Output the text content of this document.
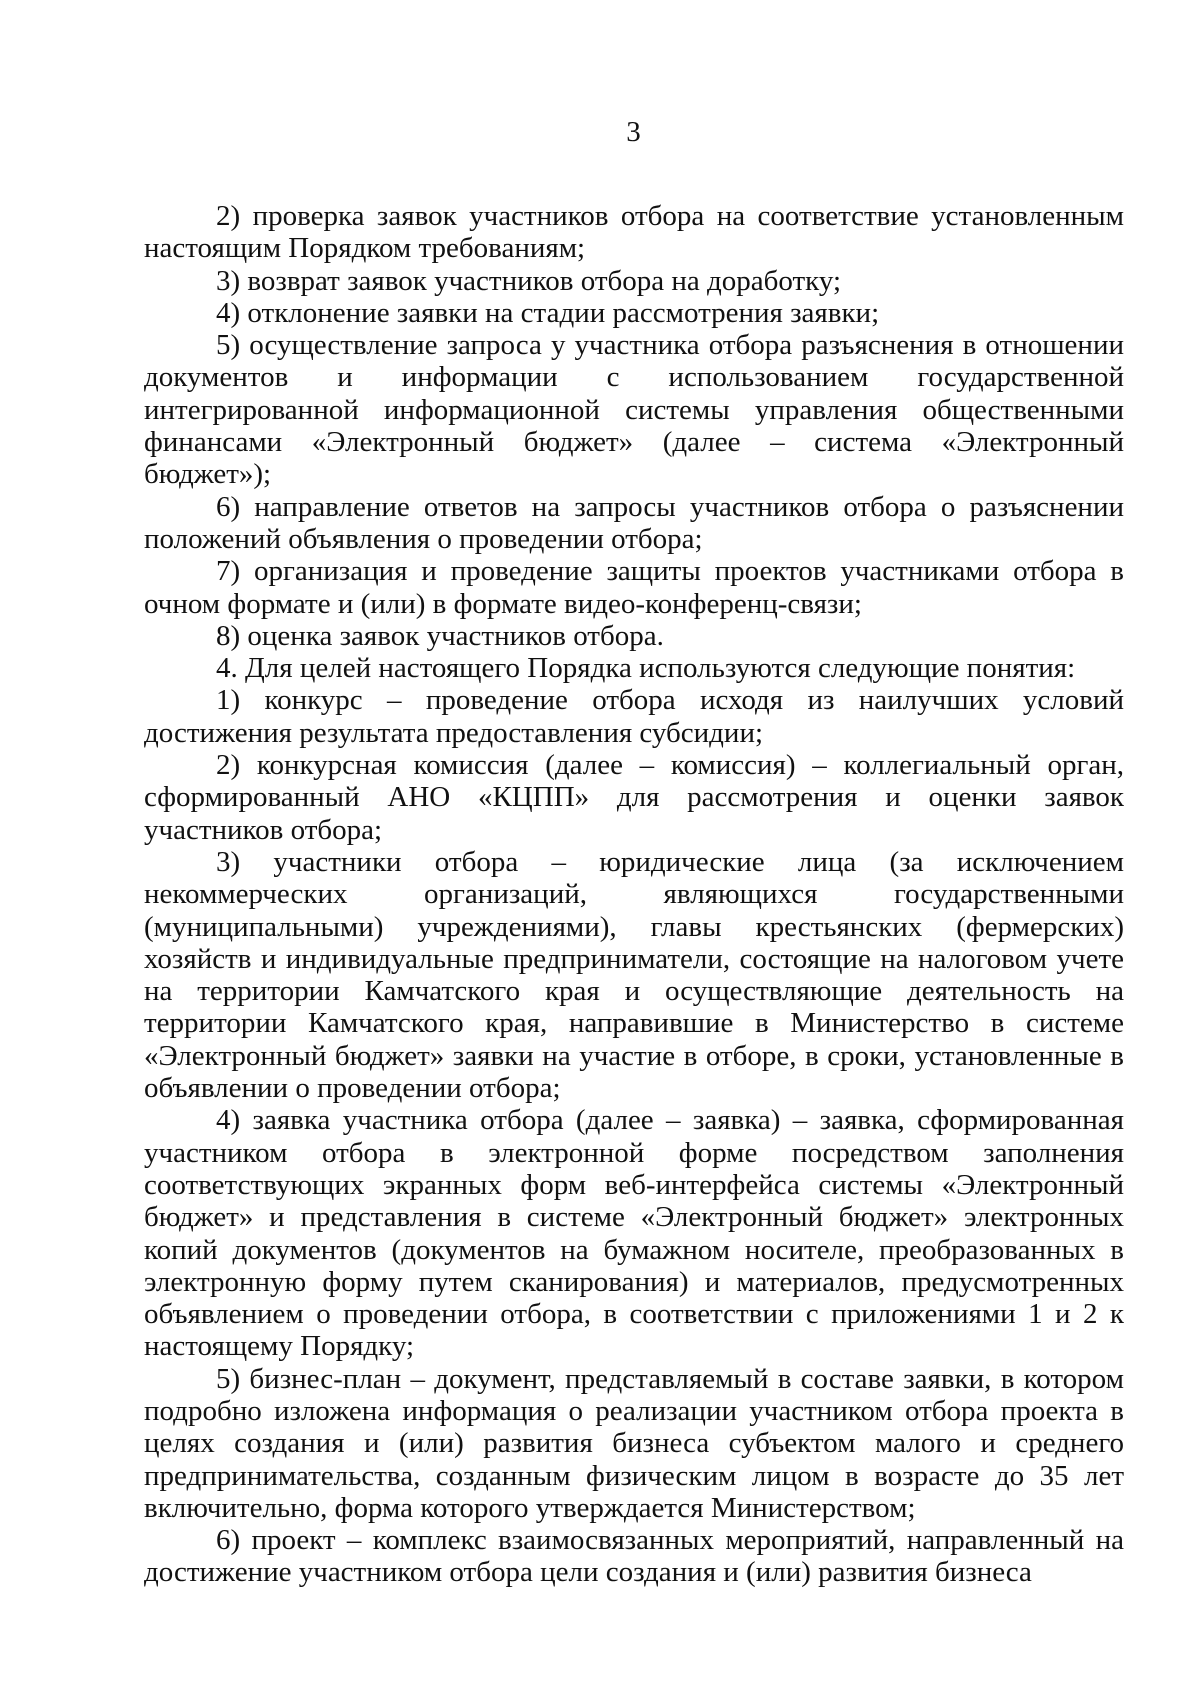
3

2) проверка заявок участников отбора на соответствие установленным настоящим Порядком требованиям;

3) возврат заявок участников отбора на доработку;

4) отклонение заявки на стадии рассмотрения заявки;

5) осуществление запроса у участника отбора разъяснения в отношении документов и информации с использованием государственной интегрированной информационной системы управления общественными финансами «Электронный бюджет» (далее – система «Электронный бюджет»);

6) направление ответов на запросы участников отбора о разъяснении положений объявления о проведении отбора;

7) организация и проведение защиты проектов участниками отбора в очном формате и (или) в формате видео-конференц-связи;

8) оценка заявок участников отбора.

4. Для целей настоящего Порядка используются следующие понятия:

1) конкурс – проведение отбора исходя из наилучших условий достижения результата предоставления субсидии;

2) конкурсная комиссия (далее – комиссия) – коллегиальный орган, сформированный АНО «КЦПП» для рассмотрения и оценки заявок участников отбора;

3) участники отбора – юридические лица (за исключением некоммерческих организаций, являющихся государственными (муниципальными) учреждениями), главы крестьянских (фермерских) хозяйств и индивидуальные предприниматели, состоящие на налоговом учете на территории Камчатского края и осуществляющие деятельность на территории Камчатского края, направившие в Министерство в системе «Электронный бюджет» заявки на участие в отборе, в сроки, установленные в объявлении о проведении отбора;

4) заявка участника отбора (далее – заявка) – заявка, сформированная участником отбора в электронной форме посредством заполнения соответствующих экранных форм веб-интерфейса системы «Электронный бюджет» и представления в системе «Электронный бюджет» электронных копий документов (документов на бумажном носителе, преобразованных в электронную форму путем сканирования) и материалов, предусмотренных объявлением о проведении отбора, в соответствии с приложениями 1 и 2 к настоящему Порядку;

5) бизнес-план – документ, представляемый в составе заявки, в котором подробно изложена информация о реализации участником отбора проекта в целях создания и (или) развития бизнеса субъектом малого и среднего предпринимательства, созданным физическим лицом в возрасте до 35 лет включительно, форма которого утверждается Министерством;

6) проект – комплекс взаимосвязанных мероприятий, направленный на достижение участником отбора цели создания и (или) развития бизнеса
